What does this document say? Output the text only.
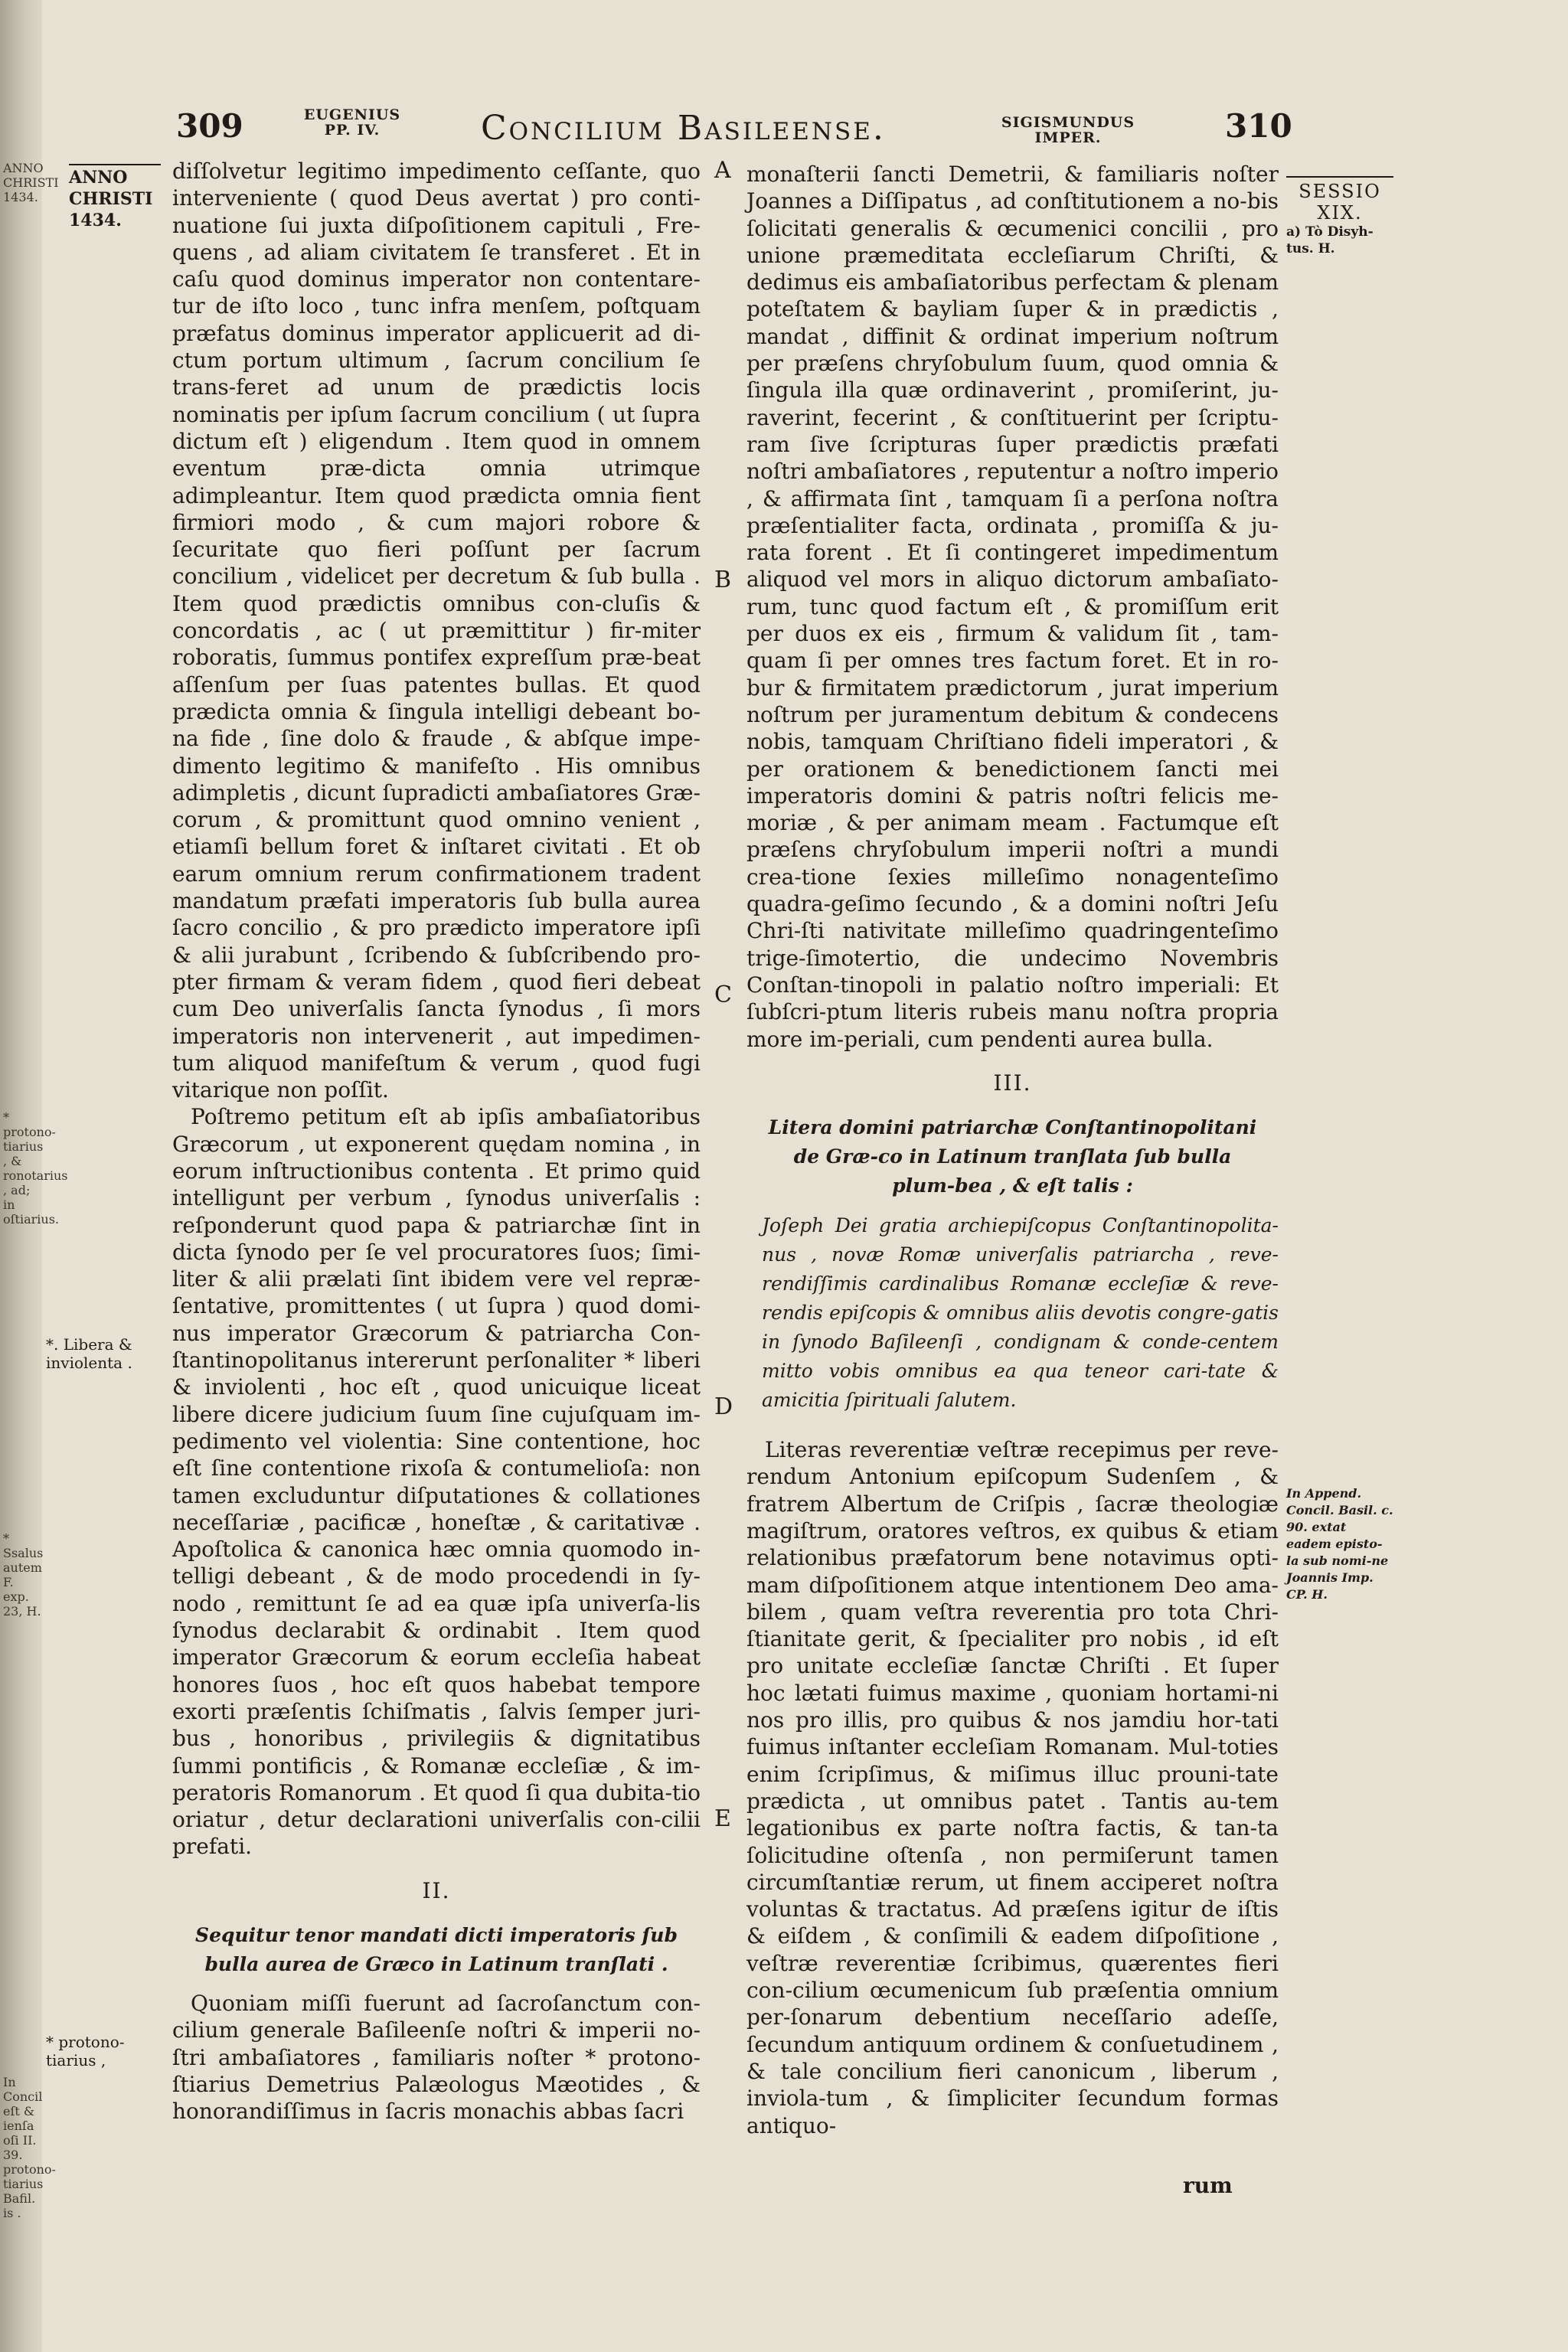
ANNO CHRISTI 1434.
* protono- tiarius , & ronotarius , ad; in oſtiarius.
* Ssalus autem F. exp. 23, H.
In Concil eſt & ienſa oſi II. 39. protono- tiarius Bafil. is .
309	EUGENIUS PP. IV.	Concilium Basileense.	SIGISMUNDUS IMPER.	310
ANNO CHRISTI 1434.
SESSIO XIX.
a) Tò Disyh-tus. H.
*. Libera & inviolenta .
* protono-tiarius ,
In Append. Concil. Basil. c. 90. extat eadem episto-la sub nomi-ne Joannis Imp. CP. H.
A
B
C
D
E

diſſolvetur legitimo impedimento ceſſante, quo interveniente ( quod Deus avertat ) pro conti-nuatione ſui juxta diſpoſitionem capituli , Fre-quens , ad aliam civitatem ſe transferet . Et in caſu quod dominus imperator non contentare-tur de iſto loco , tunc infra menſem, poſtquam præfatus dominus imperator applicuerit ad di-ctum portum ultimum , ſacrum concilium ſe trans-feret ad unum de prædictis locis nominatis per ipſum ſacrum concilium ( ut ſupra dictum eſt ) eligendum . Item quod in omnem eventum præ-dicta omnia utrimque adimpleantur. Item quod prædicta omnia fient firmiori modo , & cum majori robore & ſecuritate quo fieri poſſunt per ſacrum concilium , videlicet per decretum & ſub bulla . Item quod prædictis omnibus con-cluſis & concordatis , ac ( ut præmittitur ) fir-miter roboratis, ſummus pontifex expreſſum præ-beat aſſenſum per ſuas patentes bullas. Et quod prædicta omnia & ſingula intelligi debeant bo-na fide , ſine dolo & fraude , & abſque impe-dimento legitimo & manifeſto . His omnibus adimpletis , dicunt ſupradicti ambaſiatores Græ-corum , & promittunt quod omnino venient , etiamſi bellum foret & inſtaret civitati . Et ob earum omnium rerum confirmationem tradent mandatum præfati imperatoris ſub bulla aurea ſacro concilio , & pro prædicto imperatore ipſi & alii jurabunt , ſcribendo & ſubſcribendo pro-pter firmam & veram fidem , quod fieri debeat cum Deo univerſalis ſancta ſynodus , ſi mors imperatoris non intervenerit , aut impedimen-tum aliquod manifeſtum & verum , quod fugi vitarique non poſſit.

Poſtremo petitum eſt ab ipſis ambaſiatoribus Græcorum , ut exponerent quędam nomina , in eorum inſtructionibus contenta . Et primo quid intelligunt per verbum , ſynodus univerſalis : reſponderunt quod papa & patriarchæ ſint in dicta ſynodo per ſe vel procuratores ſuos; ſimi-liter & alii prælati ſint ibidem vere vel repræ-ſentative, promittentes ( ut ſupra ) quod domi-nus imperator Græcorum & patriarcha Con-ſtantinopolitanus intererunt perſonaliter * liberi & inviolenti , hoc eſt , quod unicuique liceat libere dicere judicium ſuum ſine cujuſquam im-pedimento vel violentia: Sine contentione, hoc eſt ſine contentione rixoſa & contumelioſa: non tamen excluduntur diſputationes & collationes neceſſariæ , pacificæ , honeſtæ , & caritativæ . Apoſtolica & canonica hæc omnia quomodo in-telligi debeant , & de modo procedendi in ſy-nodo , remittunt ſe ad ea quæ ipſa univerſa-lis ſynodus declarabit & ordinabit . Item quod imperator Græcorum & eorum eccleſia habeat honores ſuos , hoc eſt quos habebat tempore exorti præſentis ſchiſmatis , ſalvis ſemper juri-bus , honoribus , privilegiis & dignitatibus ſummi pontificis , & Romanæ eccleſiæ , & im-peratoris Romanorum . Et quod ſi qua dubita-tio oriatur , detur declarationi univerſalis con-cilii prefati.

II.
Sequitur tenor mandati dicti imperatoris ſub bulla aurea de Græco in Latinum tranſlati .

Quoniam miſſi fuerunt ad ſacroſanctum con-cilium generale Baſileenſe noſtri & imperii no-ſtri ambaſiatores , familiaris noſter * protono-ſtiarius Demetrius Palæologus Mæotides , & honorandiſſimus in ſacris monachis abbas ſacri

monaſterii ſancti Demetrii, & familiaris noſter Joannes a Diſſipatus , ad conſtitutionem a no-bis ſolicitati generalis & œcumenici concilii , pro unione præmeditata eccleſiarum Chriſti, & dedimus eis ambaſiatoribus perfectam & plenam poteſtatem & bayliam ſuper & in prædictis , mandat , diffinit & ordinat imperium noſtrum per præſens chryſobulum ſuum, quod omnia & ſingula illa quæ ordinaverint , promiſerint, ju-raverint, fecerint , & conſtituerint per ſcriptu-ram ſive ſcripturas ſuper prædictis præfati noſtri ambaſiatores , reputentur a noſtro imperio , & affirmata ſint , tamquam ſi a perſona noſtra præſentialiter facta, ordinata , promiſſa & ju-rata forent . Et ſi contingeret impedimentum aliquod vel mors in aliquo dictorum ambaſiato-rum, tunc quod factum eſt , & promiſſum erit per duos ex eis , firmum & validum ſit , tam-quam ſi per omnes tres factum foret. Et in ro-bur & firmitatem prædictorum , jurat imperium noſtrum per juramentum debitum & condecens nobis, tamquam Chriſtiano fideli imperatori , & per orationem & benedictionem ſancti mei imperatoris domini & patris noſtri felicis me-moriæ , & per animam meam . Factumque eſt præſens chryſobulum imperii noſtri a mundi crea-tione ſexies milleſimo nonagenteſimo quadra-geſimo ſecundo , & a domini noſtri Jeſu Chri-ſti nativitate milleſimo quadringenteſimo trige-ſimotertio, die undecimo Novembris Conſtan-tinopoli in palatio noſtro imperiali: Et ſubſcri-ptum literis rubeis manu noſtra propria more im-periali, cum pendenti aurea bulla.

III.
Litera domini patriarchæ Conſtantinopolitani de Græ-co in Latinum tranſlata ſub bulla plum-bea , & eſt talis :
Joſeph Dei gratia archiepiſcopus Conſtantinopolita-nus , novæ Romæ univerſalis patriarcha , reve-rendiſſimis cardinalibus Romanæ eccleſiæ & reve-rendis epiſcopis & omnibus aliis devotis congre-gatis in ſynodo Baſileenſi , condignam & conde-centem mitto vobis omnibus ea qua teneor cari-tate & amicitia ſpirituali ſalutem.

Literas reverentiæ veſtræ recepimus per reve-rendum Antonium epiſcopum Sudenſem , & fratrem Albertum de Criſpis , ſacræ theologiæ magiſtrum, oratores veſtros, ex quibus & etiam relationibus præfatorum bene notavimus opti-mam diſpoſitionem atque intentionem Deo ama-bilem , quam veſtra reverentia pro tota Chri-ſtianitate gerit, & ſpecialiter pro nobis , id eſt pro unitate eccleſiæ ſanctæ Chriſti . Et ſuper hoc lætati fuimus maxime , quoniam hortami-ni nos pro illis, pro quibus & nos jamdiu hor-tati fuimus inſtanter eccleſiam Romanam. Mul-toties enim ſcripſimus, & miſimus illuc prouni-tate prædicta , ut omnibus patet . Tantis au-tem legationibus ex parte noſtra factis, & tan-ta ſolicitudine oſtenſa , non permiſerunt tamen circumſtantiæ rerum, ut finem acciperet noſtra voluntas & tractatus. Ad præſens igitur de iſtis & eiſdem , & conſimili & eadem diſpoſitione , veſtræ reverentiæ ſcribimus, quærentes fieri con-cilium œcumenicum ſub præſentia omnium per-ſonarum debentium neceſſario adeſſe, ſecundum antiquum ordinem & conſuetudinem , & tale concilium fieri canonicum , liberum , inviola-tum , & ſimpliciter ſecundum formas antiquo-

rum
